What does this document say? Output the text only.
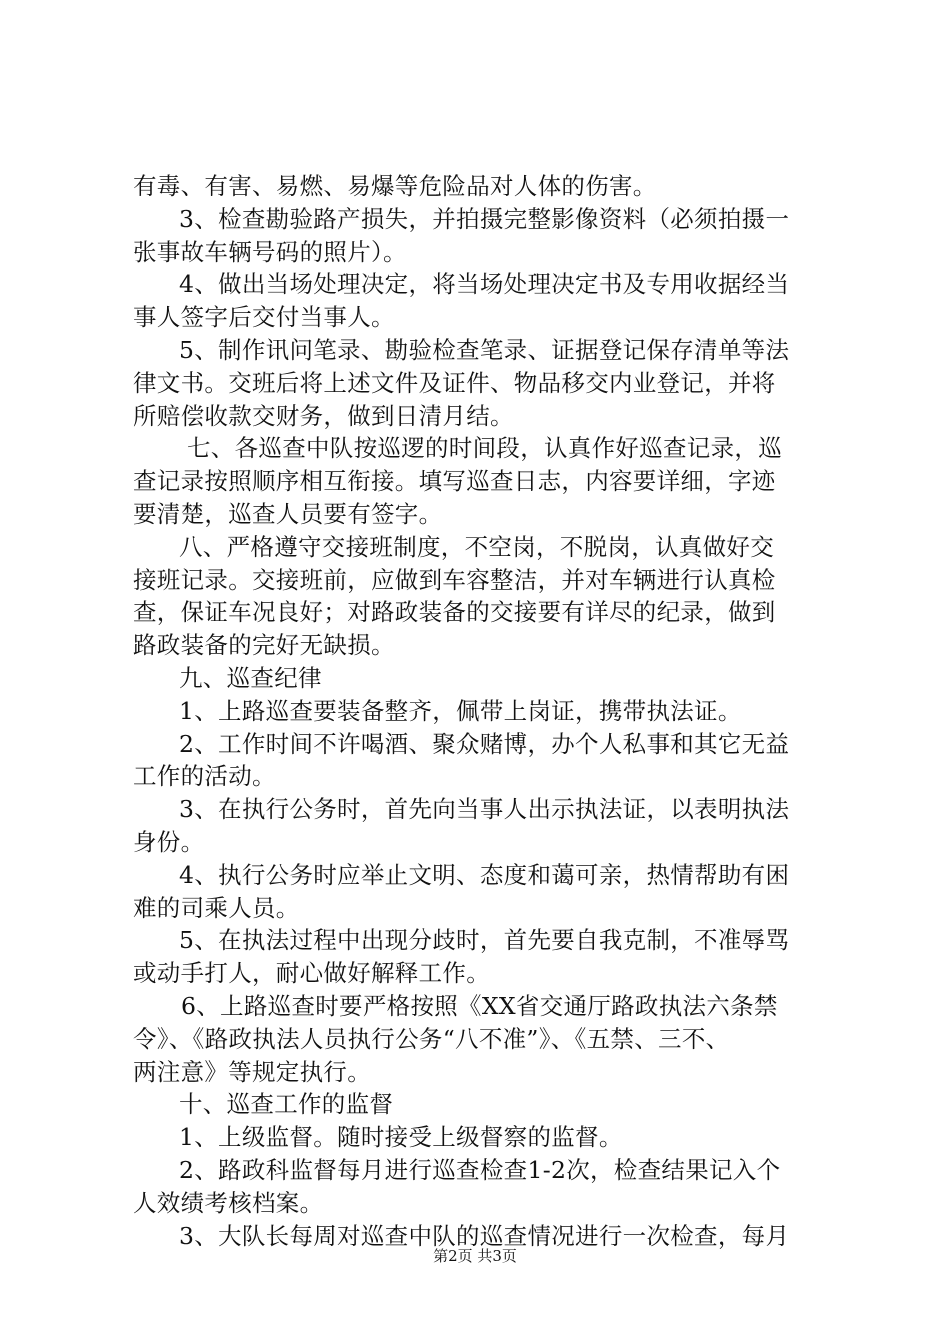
有毒、有害、易燃、易爆等危险品对人体的伤害。
3、检查勘验路产损失，并拍摄完整影像资料（必须拍摄一
张事故车辆号码的照片）。
4、做出当场处理决定，将当场处理决定书及专用收据经当
事人签字后交付当事人。
5、制作讯问笔录、勘验检查笔录、证据登记保存清单等法
律文书。交班后将上述文件及证件、物品移交内业登记，并将
所赔偿收款交财务，做到日清月结。
七、各巡查中队按巡逻的时间段，认真作好巡查记录，巡
查记录按照顺序相互衔接。填写巡查日志，内容要详细，字迹
要清楚，巡查人员要有签字。
八、严格遵守交接班制度，不空岗，不脱岗，认真做好交
接班记录。交接班前，应做到车容整洁，并对车辆进行认真检
查，保证车况良好；对路政装备的交接要有详尽的纪录，做到
路政装备的完好无缺损。
九、巡查纪律
1、上路巡查要装备整齐，佩带上岗证，携带执法证。
2、工作时间不许喝酒、聚众赌博，办个人私事和其它无益
工作的活动。
3、在执行公务时，首先向当事人出示执法证，以表明执法
身份。
4、执行公务时应举止文明、态度和蔼可亲，热情帮助有困
难的司乘人员。
5、在执法过程中出现分歧时，首先要自我克制，不准辱骂
或动手打人，耐心做好解释工作。
6、上路巡查时要严格按照《XX省交通厅路政执法六条禁
令》、《路政执法人员执行公务“八不准”》、《五禁、三不、
两注意》等规定执行。
十、巡查工作的监督
1、上级监督。随时接受上级督察的监督。
2、路政科监督每月进行巡查检查1-2次，检查结果记入个
人效绩考核档案。
3、大队长每周对巡查中队的巡查情况进行一次检查，每月
第2页 共3页
